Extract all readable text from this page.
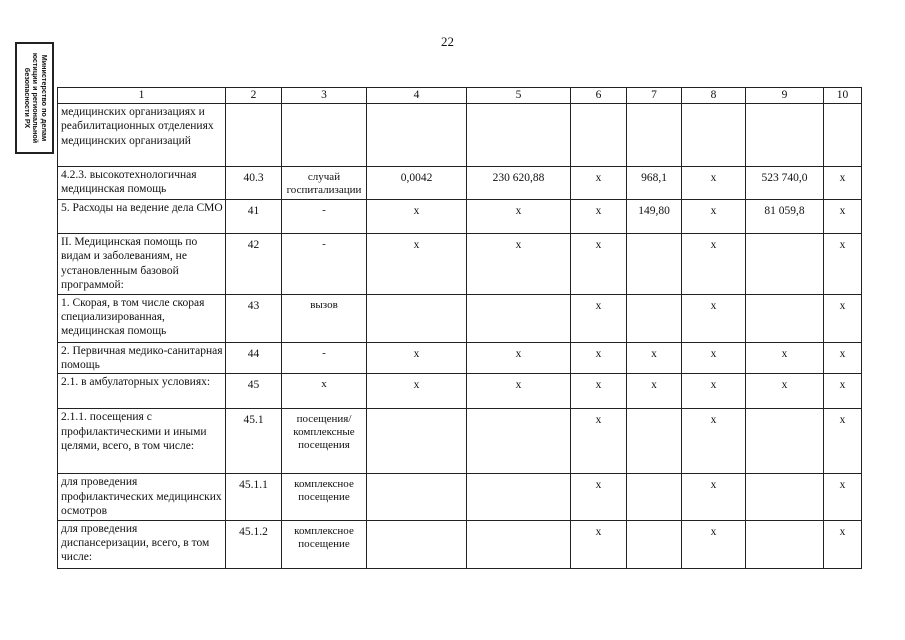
22
Министерство по делам
юстиции и региональной
безопасности РХ	1	2	3	4	5	6	7	8	9	10
медицинских организациях и реабилитационных отделениях медицинских организаций									
4.2.3. высокотехнологичная медицинская помощь	40.3	случай госпитализации	0,0042	230 620,88	х	968,1	х	523 740,0	х
5. Расходы на ведение дела СМО	41	-	х	х	х	149,80	х	81 059,8	х
II. Медицинская помощь по видам и заболеваниям, не установленным базовой программой:	42	-	х	х	х		х		х
1. Скорая, в том числе скорая специализированная, медицинская помощь	43	вызов			х		х		х
2. Первичная медико-санитарная помощь	44	-	х	х	х	х	х	х	х
2.1. в амбулаторных условиях:	45	х	х	х	х	х	х	х	х
2.1.1. посещения с профилактическими и иными целями, всего, в том числе:	45.1	посещения/ комплексные посещения			х		х		х
для проведения профилактических медицинских осмотров	45.1.1	комплексное посещение			х		х		х
для проведения диспансеризации, всего, в том числе:	45.1.2	комплексное посещение			х		х		х
